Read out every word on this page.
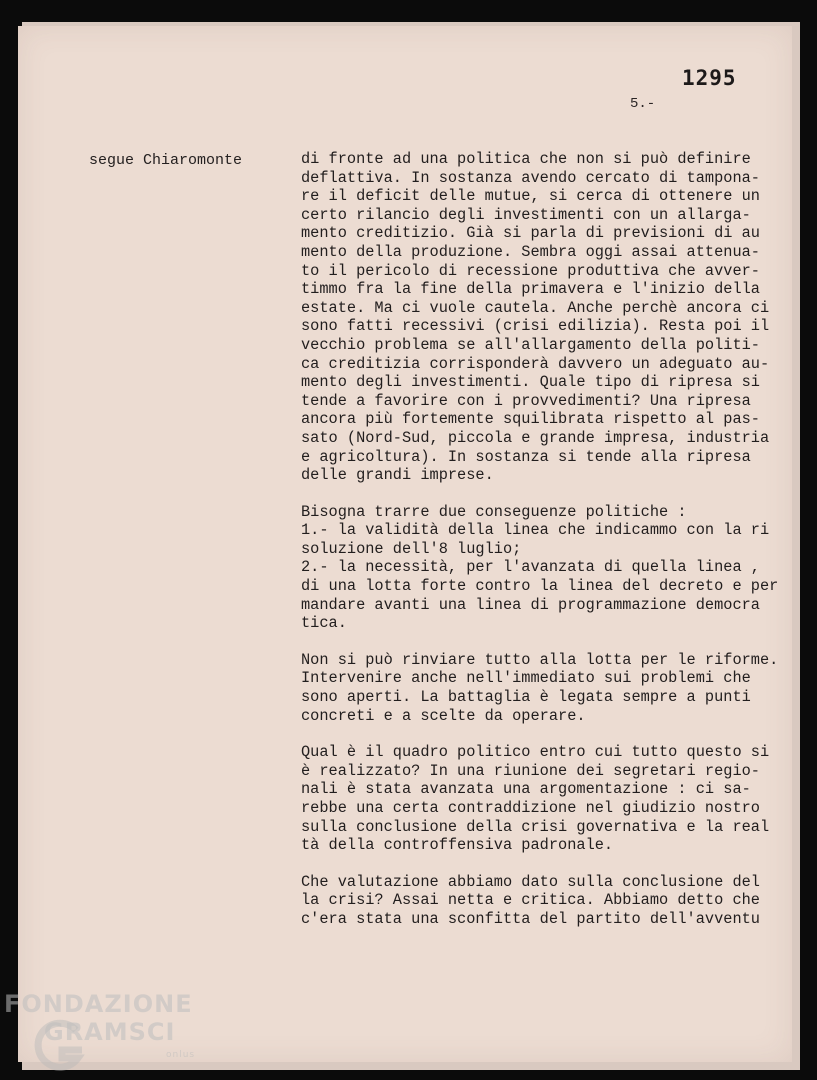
1295
5.-
segue Chiaromonte	di fronte ad una politica che non si può definire
deflattiva. In sostanza avendo cercato di tampona-
re il deficit delle mutue, si cerca di ottenere un
certo rilancio degli investimenti con un allarga-
mento creditizio. Già si parla di previsioni di au
mento della produzione. Sembra oggi assai attenua-
to il pericolo di recessione produttiva che avver-
timmo fra la fine della primavera e l'inizio della
estate. Ma ci vuole cautela. Anche perchè ancora ci
sono fatti recessivi (crisi edilizia). Resta poi il
vecchio problema se all'allargamento della politi-
ca creditizia corrisponderà davvero un adeguato au-
mento degli investimenti. Quale tipo di ripresa si
tende a favorire con i provvedimenti? Una ripresa
ancora più fortemente squilibrata rispetto al pas-
sato (Nord-Sud, piccola e grande impresa, industria
e agricoltura). In sostanza si tende alla ripresa
delle grandi imprese.
Bisogna trarre due conseguenze politiche :
1.- la validità della linea che indicammo con la ri
soluzione dell'8 luglio;
2.- la necessità, per l'avanzata di quella linea ,
di una lotta forte contro la linea del decreto e per
mandare avanti una linea di programmazione democra
tica.
Non si può rinviare tutto alla lotta per le riforme.
Intervenire anche nell'immediato sui problemi che
sono aperti. La battaglia è legata sempre a punti
concreti e a scelte da operare.
Qual è il quadro politico entro cui tutto questo si
è realizzato? In una riunione dei segretari regio-
nali è stata avanzata una argomentazione : ci sa-
rebbe una certa contraddizione nel giudizio nostro
sulla conclusione della crisi governativa e la real
tà della controffensiva padronale.
Che valutazione abbiamo dato sulla conclusione del
la crisi? Assai netta e critica. Abbiamo detto che
c'era stata una sconfitta del partito dell'avventu
FONDAZIONE
GRAMSCI
onlus
